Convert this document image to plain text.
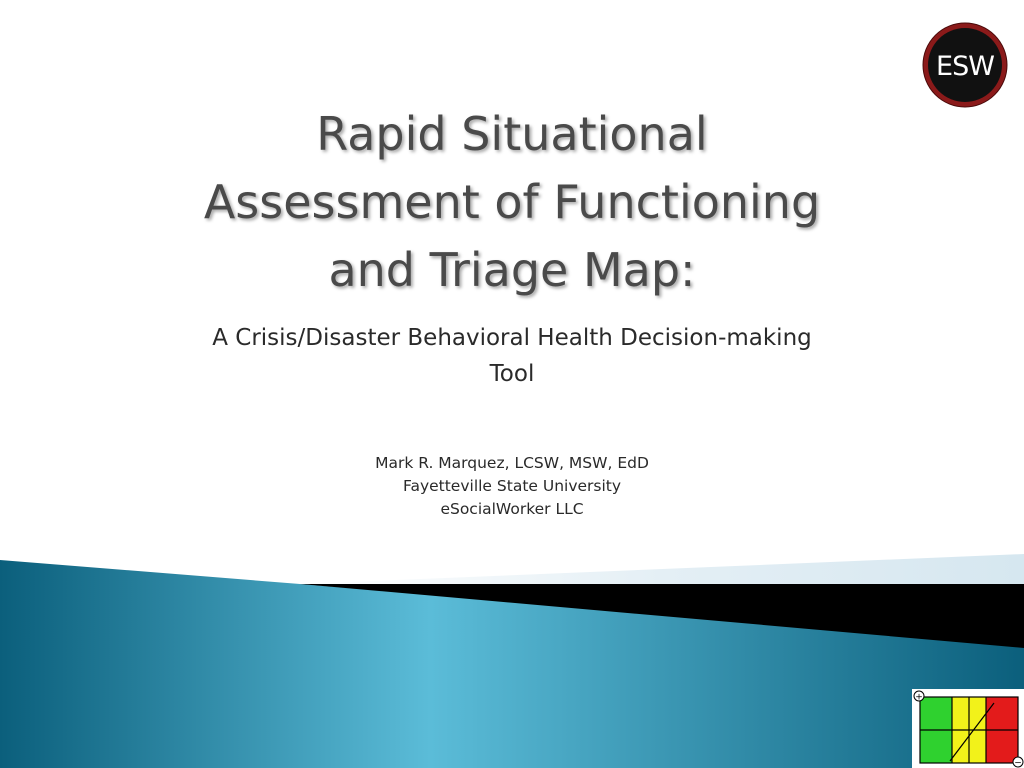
Rapid Situational
Assessment of Functioning
and Triage Map:
A Crisis/Disaster Behavioral Health Decision-making
Tool
Mark R. Marquez, LCSW, MSW, EdD
Fayetteville State University
eSocialWorker LLC
ESW
+
−
